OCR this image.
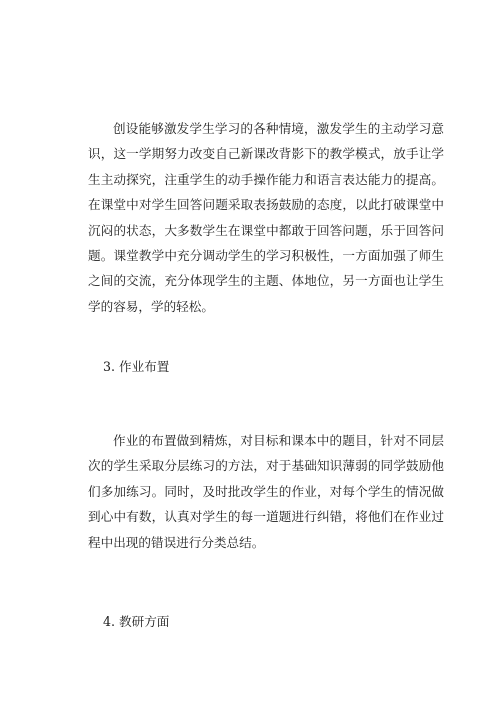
创设能够激发学生学习的各种情境，激发学生的主动学习意识，这一学期努力改变自己新课改背影下的教学模式，放手让学生主动探究，注重学生的动手操作能力和语言表达能力的提高。在课堂中对学生回答问题采取表扬鼓励的态度，以此打破课堂中沉闷的状态，大多数学生在课堂中都敢于回答问题，乐于回答问题。课堂教学中充分调动学生的学习积极性，一方面加强了师生之间的交流，充分体现学生的主题、体地位，另一方面也让学生学的容易，学的轻松。

3. 作业布置

作业的布置做到精炼，对目标和课本中的题目，针对不同层次的学生采取分层练习的方法，对于基础知识薄弱的同学鼓励他们多加练习。同时，及时批改学生的作业，对每个学生的情况做到心中有数，认真对学生的每一道题进行纠错，将他们在作业过程中出现的错误进行分类总结。

4. 教研方面
